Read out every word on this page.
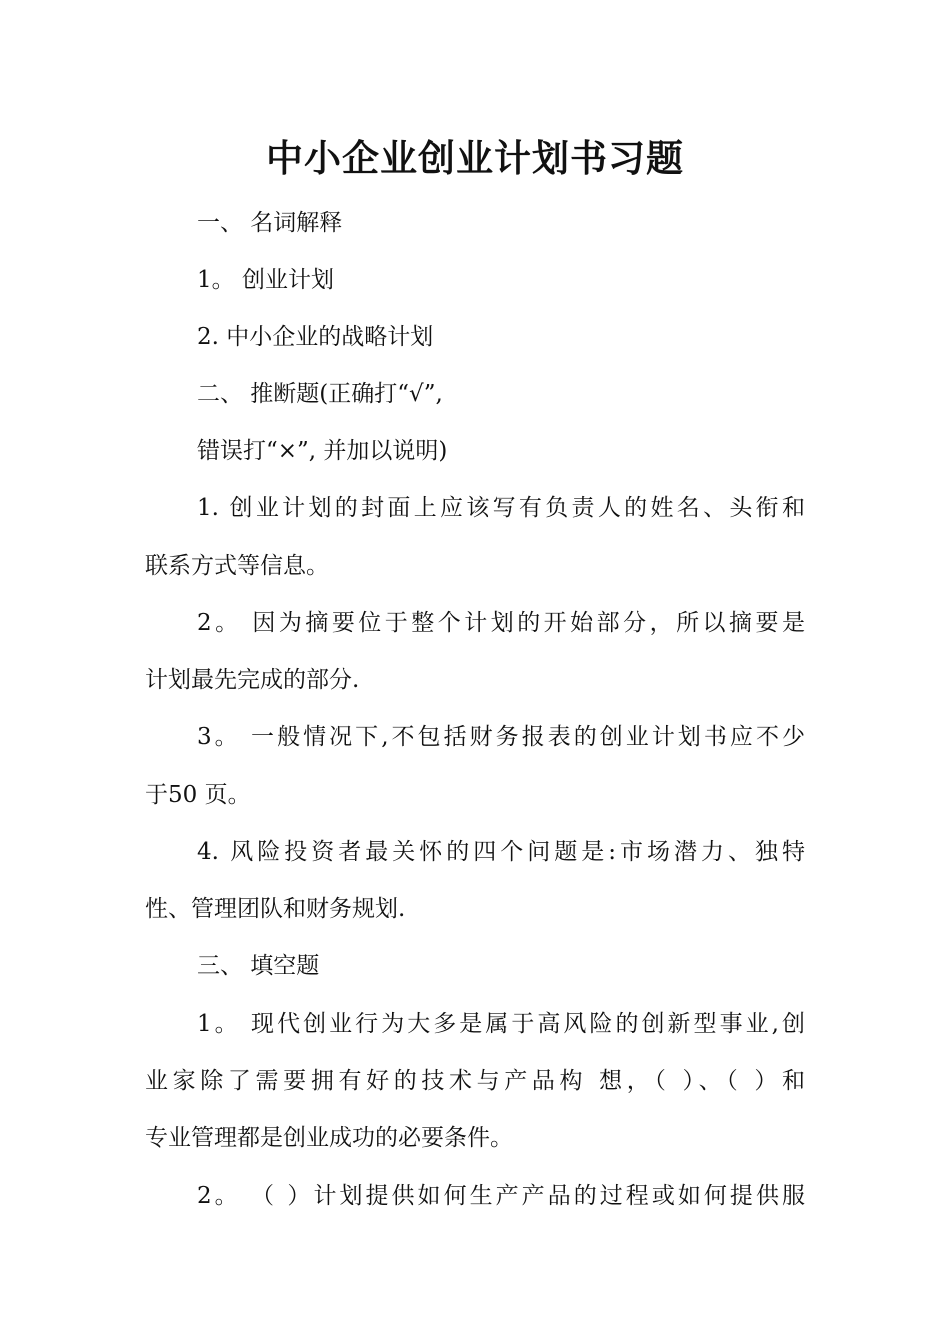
中小企业创业计划书习题
一、 名词解释
1。 创业计划
2. 中小企业的战略计划
二、 推断题(正确打“√”,
错误打“×”, 并加以说明)
1. 创业计划的封面上应该写有负责人的姓名、头衔和
联系方式等信息。
2。 因为摘要位于整个计划的开始部分，所以摘要是
计划最先完成的部分.
3。 一般情况下,不包括财务报表的创业计划书应不少
于50 页。
4. 风险投资者最关怀的四个问题是:市场潜力、独特
性、管理团队和财务规划.
三、 填空题
1。 现代创业行为大多是属于高风险的创新型事业,创
业家除了需要拥有好的技术与产品构 想，（ ）、（ ）和
专业管理都是创业成功的必要条件。
2。 （ ）计划提供如何生产产品的过程或如何提供服
